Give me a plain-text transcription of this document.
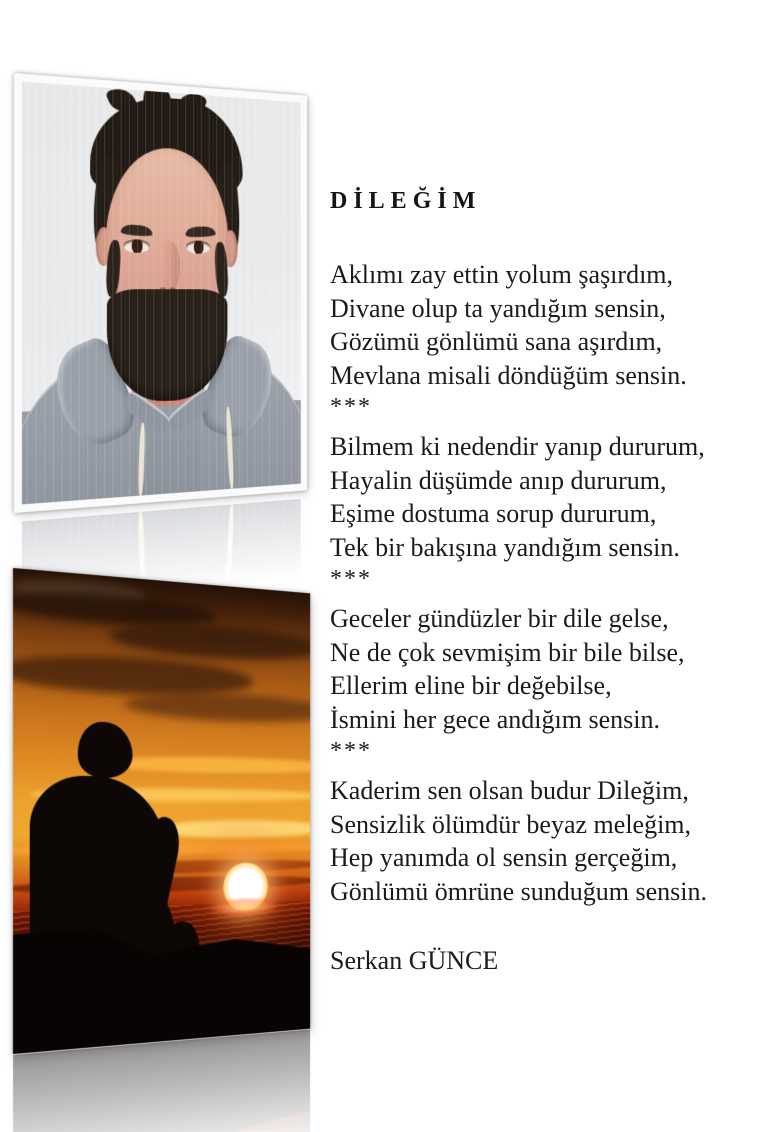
DİLEĞİM
Aklımı zay ettin yolum şaşırdım,
Divane olup ta yandığım sensin,
Gözümü gönlümü sana aşırdım,
Mevlana misali döndüğüm sensin.
***
Bilmem ki nedendir yanıp dururum,
Hayalin düşümde anıp dururum,
Eşime dostuma sorup dururum,
Tek bir bakışına yandığım sensin.
***
Geceler gündüzler bir dile gelse,
Ne de çok sevmişim bir bile bilse,
Ellerim eline bir değebilse,
İsmini her gece andığım sensin.
***
Kaderim sen olsan budur Dileğim,
Sensizlik ölümdür beyaz meleğim,
Hep yanımda ol sensin gerçeğim,
Gönlümü ömrüne sunduğum sensin.
Serkan GÜNCE
